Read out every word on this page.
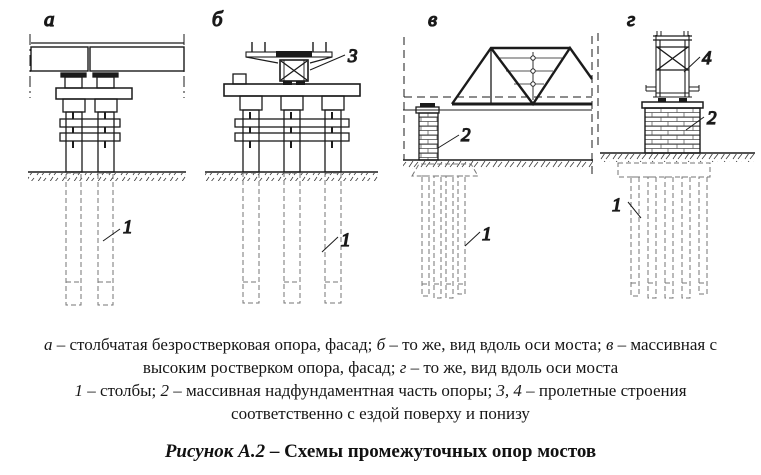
а
1
б
3
1
в
2
1
г
4
2
1

а – столбчатая безростверковая опора, фасад; б – то же, вид вдоль оси моста; в – массивная с

высоким ростверком опора, фасад; г – то же, вид вдоль оси моста

1 – столбы; 2 – массивная надфундаментная часть опоры; 3, 4 – пролетные строения

соответственно с ездой поверху и понизу

Рисунок А.2 – Схемы промежуточных опор мостов
